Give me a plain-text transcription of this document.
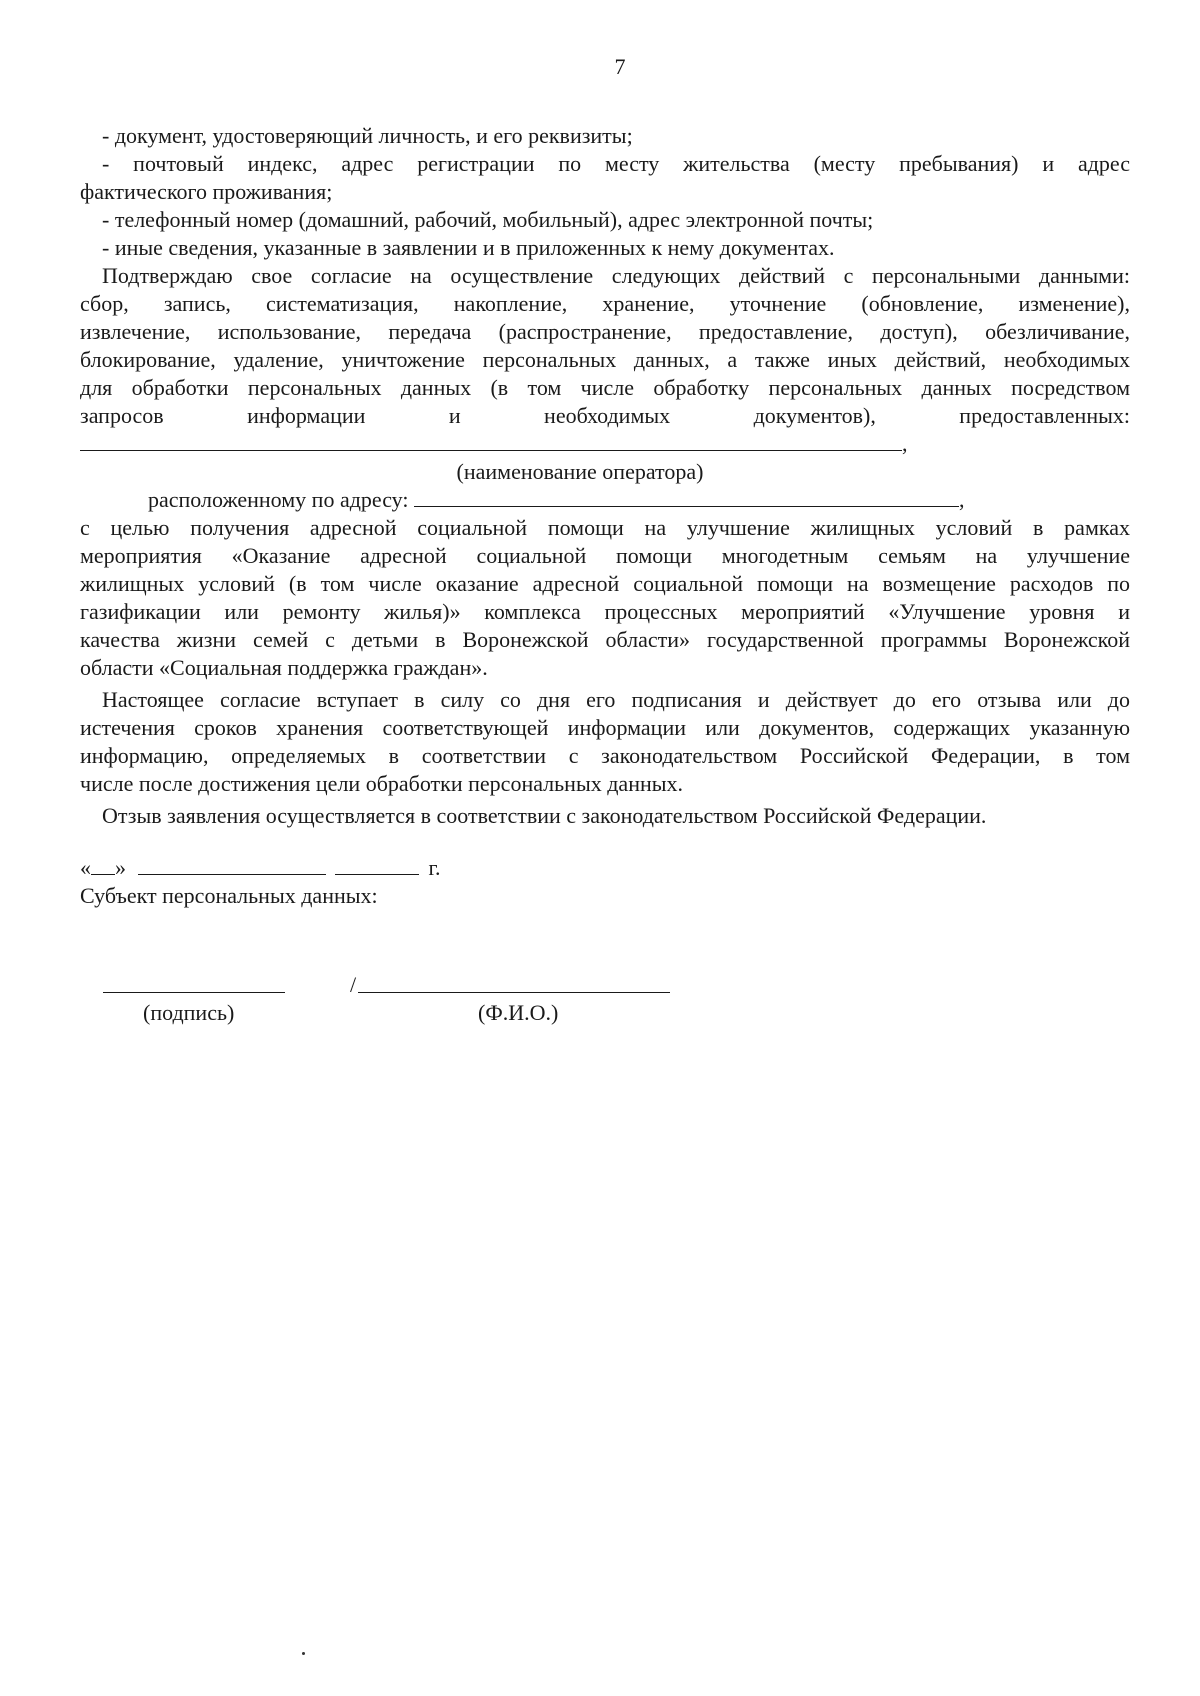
7
- документ, удостоверяющий личность, и его реквизиты;
- почтовый индекс, адрес регистрации по месту жительства (месту пребывания) и адрес
фактического проживания;
- телефонный номер (домашний, рабочий, мобильный), адрес электронной почты;
- иные сведения, указанные в заявлении и в приложенных к нему документах.
Подтверждаю свое согласие на осуществление следующих действий с персональными данными:
сбор, запись, систематизация, накопление, хранение, уточнение (обновление, изменение),
извлечение, использование, передача (распространение, предоставление, доступ), обезличивание,
блокирование, удаление, уничтожение персональных данных, а также иных действий, необходимых
для обработки персональных данных (в том числе обработку персональных данных посредством
запросов информации и необходимых документов), предоставленных:
,
(наименование оператора)
расположенному по адресу:	,
с целью получения адресной социальной помощи на улучшение жилищных условий в рамках
мероприятия «Оказание адресной социальной помощи многодетным семьям на улучшение
жилищных условий (в том числе оказание адресной социальной помощи на возмещение расходов по
газификации или ремонту жилья)» комплекса процессных мероприятий «Улучшение уровня и
качества жизни семей с детьми в Воронежской области» государственной программы Воронежской
области «Социальная поддержка граждан».
Настоящее согласие вступает в силу со дня его подписания и действует до его отзыва или до
истечения сроков хранения соответствующей информации или документов, содержащих указанную
информацию, определяемых в соответствии с законодательством Российской Федерации, в том
числе после достижения цели обработки персональных данных.
Отзыв заявления осуществляется в соответствии с законодательством Российской Федерации.
« »	г.
Субъект персональных данных:
/
(подпись)	(Ф.И.О.)
